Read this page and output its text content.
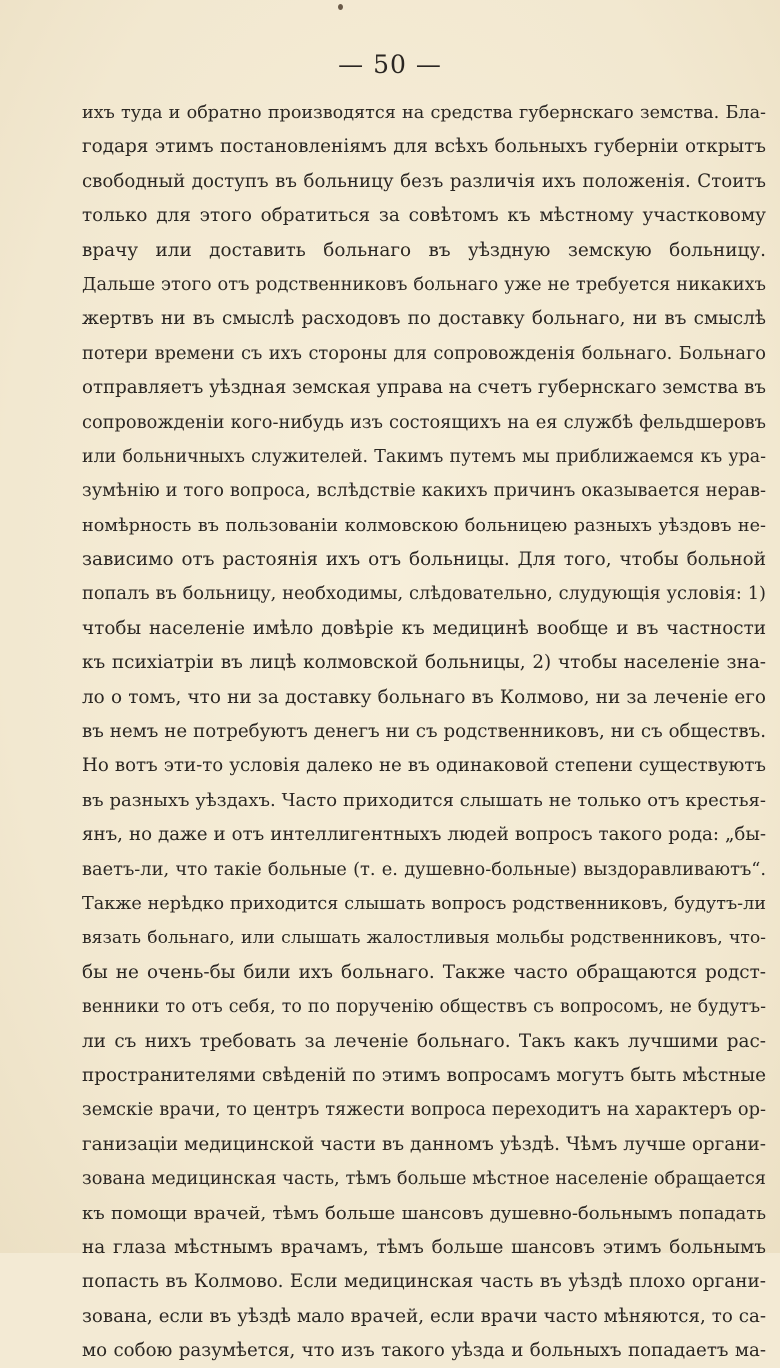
— 50 —
ихъ туда и обратно производятся на средства губернскаго земства. Бла-
годаря этимъ постановленіямъ для всѣхъ больныхъ губерніи открытъ
свободный доступъ въ больницу безъ различія ихъ положенія. Стоитъ
только для этого обратиться за совѣтомъ къ мѣстному участковому
врачу или доставить больнаго въ уѣздную земскую больницу.
Дальше этого отъ родственниковъ больнаго уже не требуется никакихъ
жертвъ ни въ смыслѣ расходовъ по доставку больнаго, ни въ смыслѣ
потери времени съ ихъ стороны для сопровожденія больнаго. Больнаго
отправляетъ уѣздная земская управа на счетъ губернскаго земства въ
сопровожденіи кого-нибудь изъ состоящихъ на ея службѣ фельдшеровъ
или больничныхъ служителей. Такимъ путемъ мы приближаемся къ ура-
зумѣнію и того вопроса, вслѣдствіе какихъ причинъ оказывается нерав-
номѣрность въ пользованіи колмовскою больницею разныхъ уѣздовъ не-
зависимо отъ растоянія ихъ отъ больницы. Для того, чтобы больной
попалъ въ больницу, необходимы, слѣдовательно, слудующія условія: 1)
чтобы населеніе имѣло довѣріе къ медицинѣ вообще и въ частности
къ психіатріи въ лицѣ колмовской больницы, 2) чтобы населеніе зна-
ло о томъ, что ни за доставку больнаго въ Колмово, ни за леченіе его
въ немъ не потребуютъ денегъ ни съ родственниковъ, ни съ обществъ.
Но вотъ эти-то условія далеко не въ одинаковой степени существуютъ
въ разныхъ уѣздахъ. Часто приходится слышать не только отъ крестья-
янъ, но даже и отъ интеллигентныхъ людей вопросъ такого рода: „бы-
ваетъ-ли, что такіе больные (т. е. душевно-больные) выздоравливаютъ“.
Также нерѣдко приходится слышать вопросъ родственниковъ, будутъ-ли
вязать больнаго, или слышать жалостливыя мольбы родственниковъ, что-
бы не очень-бы били ихъ больнаго. Также часто обращаются родст-
венники то отъ себя, то по порученію обществъ съ вопросомъ, не будутъ-
ли съ нихъ требовать за леченіе больнаго. Такъ какъ лучшими рас-
пространителями свѣденій по этимъ вопросамъ могутъ быть мѣстные
земскіе врачи, то центръ тяжести вопроса переходитъ на характеръ ор-
ганизаціи медицинской части въ данномъ уѣздѣ. Чѣмъ лучше органи-
зована медицинская часть, тѣмъ больше мѣстное населеніе обращается
къ помощи врачей, тѣмъ больше шансовъ душевно-больнымъ попадать
на глаза мѣстнымъ врачамъ, тѣмъ больше шансовъ этимъ больнымъ
попасть въ Колмово. Если медицинская часть въ уѣздѣ плохо органи-
зована, если въ уѣздѣ мало врачей, если врачи часто мѣняются, то са-
мо собою разумѣется, что изъ такого уѣзда и больныхъ попадаетъ ма-
